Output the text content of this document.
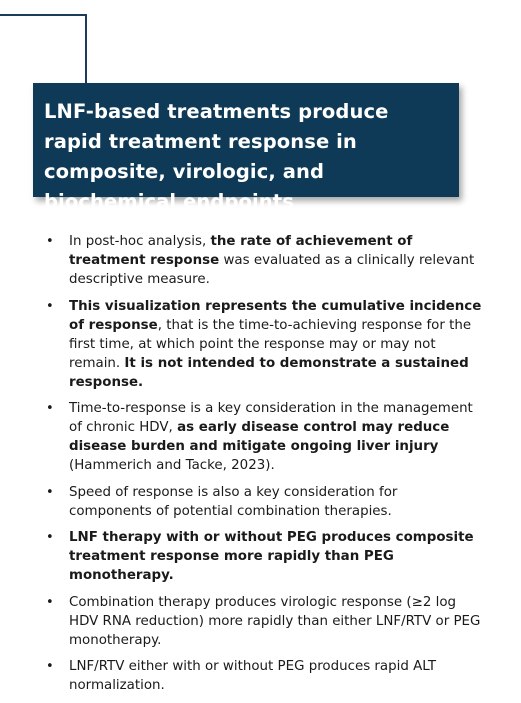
LNF-based treatments produce rapid treatment response in composite, virologic, and biochemical endpoints
• In post-hoc analysis, the rate of achievement of treatment response was evaluated as a clinically relevant descriptive measure.
• This visualization represents the cumulative incidence of response, that is the time-to-achieving response for the first time, at which point the response may or may not remain. It is not intended to demonstrate a sustained response.
• Time-to-response is a key consideration in the management of chronic HDV, as early disease control may reduce disease burden and mitigate ongoing liver injury (Hammerich and Tacke, 2023).
• Speed of response is also a key consideration for components of potential combination therapies.
• LNF therapy with or without PEG produces composite treatment response more rapidly than PEG monotherapy.
• Combination therapy produces virologic response (≥2 log HDV RNA reduction) more rapidly than either LNF/RTV or PEG monotherapy.
• LNF/RTV either with or without PEG produces rapid ALT normalization.
